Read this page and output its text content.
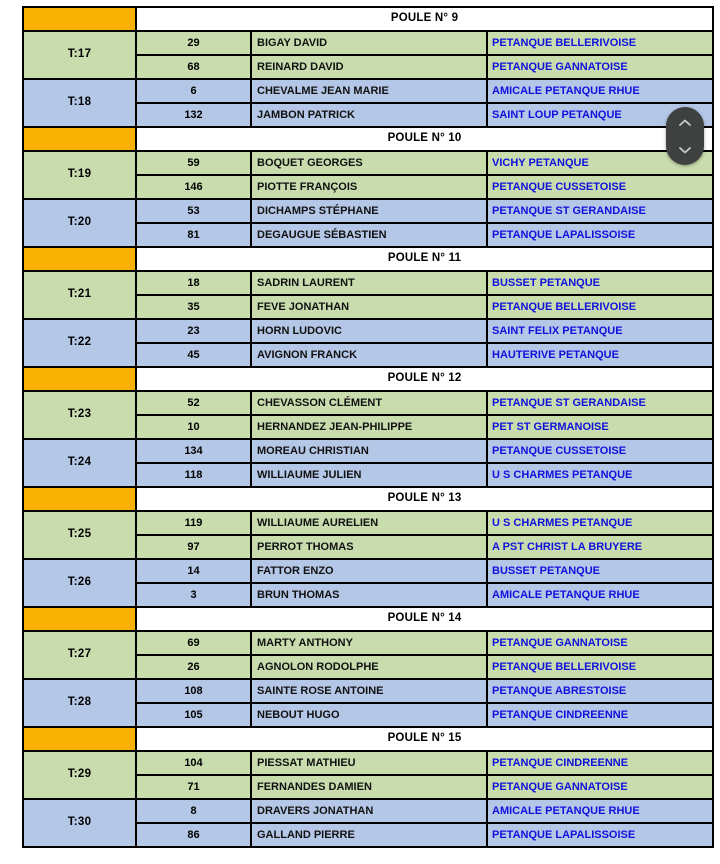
	POULE N° 9		
T:17	29	BIGAY DAVID	PETANQUE BELLERIVOISE
	68	REINARD DAVID	PETANQUE GANNATOISE
T:18	6	CHEVALME JEAN MARIE	AMICALE PETANQUE RHUE
	132	JAMBON PATRICK	SAINT LOUP PETANQUE
	POULE N° 10		
T:19	59	BOQUET GEORGES	VICHY PETANQUE
	146	PIOTTE FRANÇOIS	PETANQUE CUSSETOISE
T:20	53	DICHAMPS STÉPHANE	PETANQUE ST GERANDAISE
	81	DEGAUGUE SÉBASTIEN	PETANQUE LAPALISSOISE
	POULE N° 11		
T:21	18	SADRIN LAURENT	BUSSET PETANQUE
	35	FEVE JONATHAN	PETANQUE BELLERIVOISE
T:22	23	HORN LUDOVIC	SAINT FELIX PETANQUE
	45	AVIGNON FRANCK	HAUTERIVE PETANQUE
	POULE N° 12		
T:23	52	CHEVASSON CLÉMENT	PETANQUE ST GERANDAISE
	10	HERNANDEZ JEAN-PHILIPPE	PET ST GERMANOISE
T:24	134	MOREAU CHRISTIAN	PETANQUE CUSSETOISE
	118	WILLIAUME JULIEN	U S CHARMES PETANQUE
	POULE N° 13		
T:25	119	WILLIAUME AURELIEN	U S CHARMES PETANQUE
	97	PERROT THOMAS	A PST CHRIST LA BRUYERE
T:26	14	FATTOR ENZO	BUSSET PETANQUE
	3	BRUN THOMAS	AMICALE PETANQUE RHUE
	POULE N° 14		
T:27	69	MARTY ANTHONY	PETANQUE GANNATOISE
	26	AGNOLON RODOLPHE	PETANQUE BELLERIVOISE
T:28	108	SAINTE ROSE ANTOINE	PETANQUE ABRESTOISE
	105	NEBOUT HUGO	PETANQUE CINDREENNE
	POULE N° 15		
T:29	104	PIESSAT MATHIEU	PETANQUE CINDREENNE
	71	FERNANDES DAMIEN	PETANQUE GANNATOISE
T:30	8	DRAVERS JONATHAN	AMICALE PETANQUE RHUE
	86	GALLAND PIERRE	PETANQUE LAPALISSOISE
